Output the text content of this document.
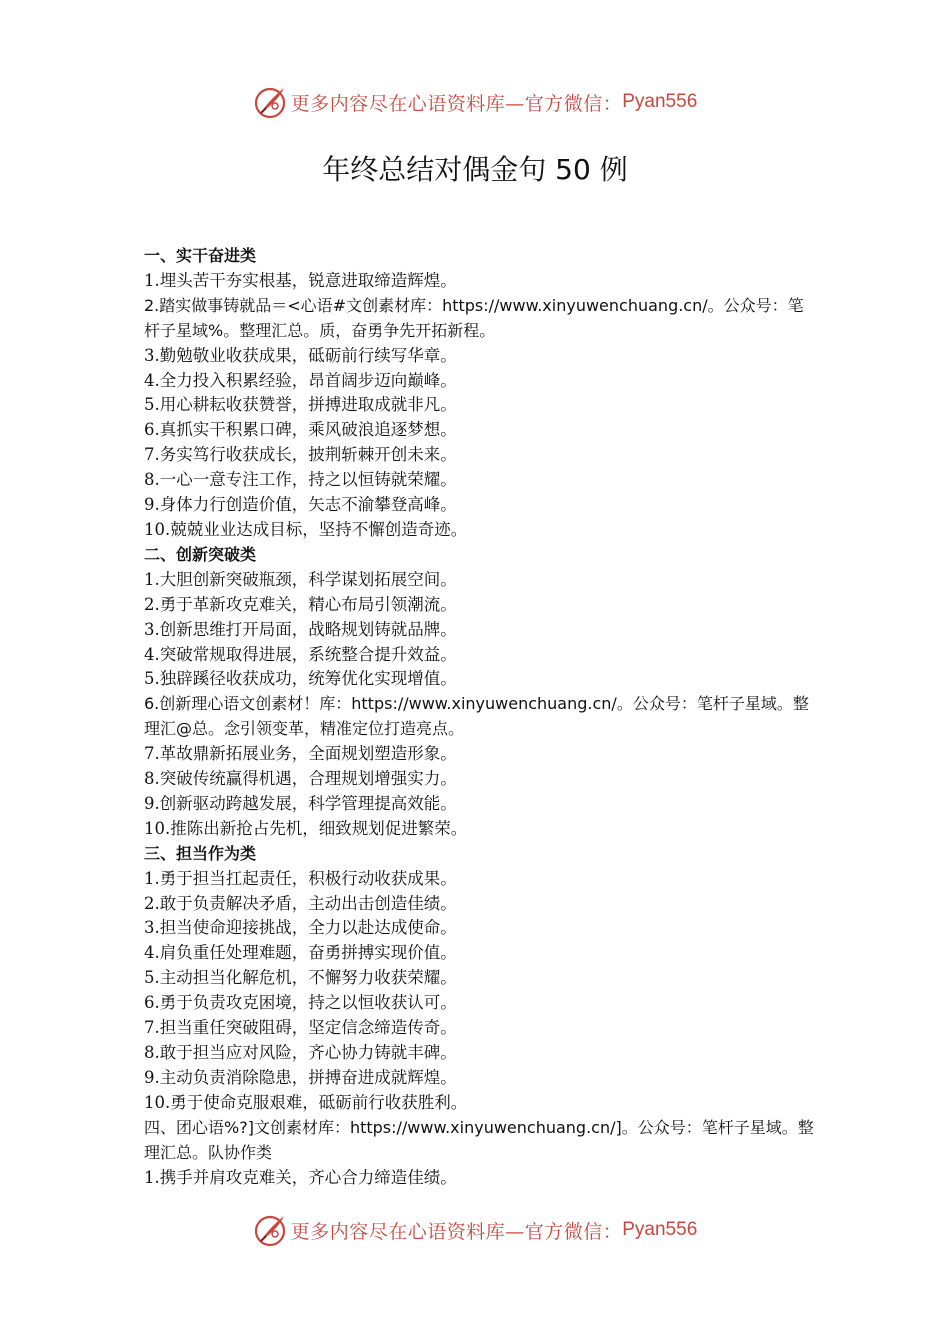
更多内容尽在心语资料库—官方微信： Pyan556
年终总结对偶金句 50 例
一、实干奋进类
1.埋头苦干夯实根基，锐意进取缔造辉煌。
2.踏实做事铸就品＝<心语#文创素材库：https://www.xinyuwenchuang.cn/。公众号：笔杆子星域%。整理汇总。质，奋勇争先开拓新程。
3.勤勉敬业收获成果，砥砺前行续写华章。
4.全力投入积累经验，昂首阔步迈向巅峰。
5.用心耕耘收获赞誉，拼搏进取成就非凡。
6.真抓实干积累口碑，乘风破浪追逐梦想。
7.务实笃行收获成长，披荆斩棘开创未来。
8.一心一意专注工作，持之以恒铸就荣耀。
9.身体力行创造价值，矢志不渝攀登高峰。
10.兢兢业业达成目标，坚持不懈创造奇迹。
二、创新突破类
1.大胆创新突破瓶颈，科学谋划拓展空间。
2.勇于革新攻克难关，精心布局引领潮流。
3.创新思维打开局面，战略规划铸就品牌。
4.突破常规取得进展，系统整合提升效益。
5.独辟蹊径收获成功，统筹优化实现增值。
6.创新理心语文创素材！库：https://www.xinyuwenchuang.cn/。公众号：笔杆子星域。整理汇@总。念引领变革，精准定位打造亮点。
7.革故鼎新拓展业务，全面规划塑造形象。
8.突破传统赢得机遇，合理规划增强实力。
9.创新驱动跨越发展，科学管理提高效能。
10.推陈出新抢占先机，细致规划促进繁荣。
三、担当作为类
1.勇于担当扛起责任，积极行动收获成果。
2.敢于负责解决矛盾，主动出击创造佳绩。
3.担当使命迎接挑战，全力以赴达成使命。
4.肩负重任处理难题，奋勇拼搏实现价值。
5.主动担当化解危机，不懈努力收获荣耀。
6.勇于负责攻克困境，持之以恒收获认可。
7.担当重任突破阻碍，坚定信念缔造传奇。
8.敢于担当应对风险，齐心协力铸就丰碑。
9.主动负责消除隐患，拼搏奋进成就辉煌。
10.勇于使命克服艰难，砥砺前行收获胜利。
四、团心语%?]文创素材库：https://www.xinyuwenchuang.cn/]。公众号：笔杆子星域。整理汇总。队协作类
1.携手并肩攻克难关，齐心合力缔造佳绩。
更多内容尽在心语资料库—官方微信： Pyan556
